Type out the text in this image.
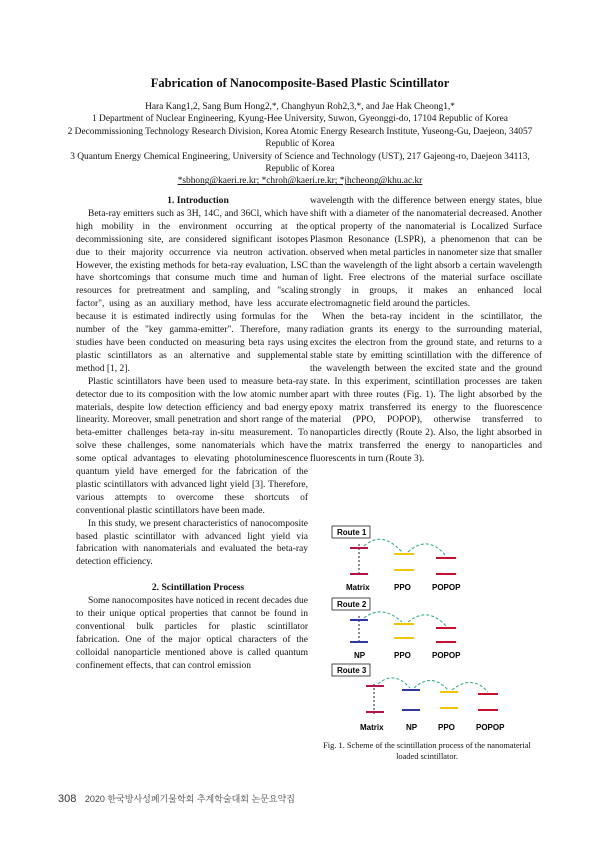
Fabrication of Nanocomposite-Based Plastic Scintillator
Hara Kang1,2, Sang Bum Hong2,*, Changhyun Roh2,3,*, and Jae Hak Cheong1,*
1 Department of Nuclear Engineering, Kyung-Hee University, Suwon, Gyeonggi-do, 17104 Republic of Korea
2 Decommissioning Technology Research Division, Korea Atomic Energy Research Institute, Yuseong-Gu, Daejeon, 34057 Republic of Korea
3 Quantum Energy Chemical Engineering, University of Science and Technology (UST), 217 Gajeong-ro, Daejeon 34113, Republic of Korea
*sbhong@kaeri.re.kr; *chroh@kaeri.re.kr; *jhcheong@khu.ac.kr

1. Introduction

Beta-ray emitters such as 3H, 14C, and 36Cl, which have high mobility in the environment occurring at the decommissioning site, are considered significant isotopes due to their majority occurrence via neutron activation. However, the existing methods for beta-ray evaluation, LSC have shortcomings that consume much time and human resources for pretreatment and sampling, and "scaling factor", using as an auxiliary method, have less accurate because it is estimated indirectly using formulas for the number of the "key gamma-emitter". Therefore, many studies have been conducted on measuring beta rays using plastic scintillators as an alternative and supplemental method [1, 2].

Plastic scintillators have been used to measure beta-ray detector due to its composition with the low atomic number materials, despite low detection efficiency and bad energy linearity. Moreover, small penetration and short range of the beta-emitter challenges beta-ray in-situ measurement. To solve these challenges, some nanomaterials which have some optical advantages to elevating photoluminescence quantum yield have emerged for the fabrication of the plastic scintillators with advanced light yield [3]. Therefore, various attempts to overcome these shortcuts of conventional plastic scintillators have been made.

In this study, we present characteristics of nanocomposite based plastic scintillator with advanced light yield via fabrication with nanomaterials and evaluated the beta-ray detection efficiency.

2. Scintillation Process

Some nanocomposites have noticed in recent decades due to their unique optical properties that cannot be found in conventional bulk particles for plastic scintillator fabrication. One of the major optical characters of the colloidal nanoparticle mentioned above is called quantum confinement effects, that can control emission

wavelength with the difference between energy states, blue shift with a diameter of the nanomaterial decreased. Another optical property of the nanomaterial is Localized Surface Plasmon Resonance (LSPR), a phenomenon that can be observed when metal particles in nanometer size that smaller than the wavelength of the light absorb a certain wavelength of light. Free electrons of the material surface oscillate strongly in groups, it makes an enhanced local electromagnetic field around the particles.

When the beta-ray incident in the scintillator, the radiation grants its energy to the surrounding material, excites the electron from the ground state, and returns to a stable state by emitting scintillation with the difference of the wavelength between the excited state and the ground state. In this experiment, scintillation processes are taken apart with three routes (Fig. 1). The light absorbed by the epoxy matrix transferred its energy to the fluorescence material (PPO, POPOP), otherwise transferred to nanoparticles directly (Route 2). Also, the light absorbed in the matrix transferred the energy to nanoparticles and fluorescents in turn (Route 3).

Route 1
Matrix	PPO	POPOP
Route 2
NP	PPO	POPOP
Route 3
Matrix	NP	PPO	POPOP
Fig. 1. Scheme of the scintillation process of the nanomaterial loaded scintillator.
308 2020 한국방사성폐기물학회 추계학술대회 논문요약집
